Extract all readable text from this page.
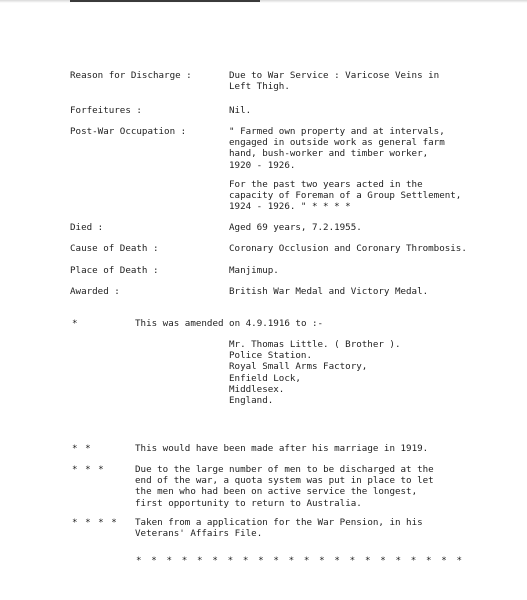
Reason for Discharge :	Due to War Service : Varicose Veins in
Left Thigh.
Forfeitures :	Nil.
Post-War Occupation :	" Farmed own property and at intervals,
engaged in outside work as general farm
hand, bush-worker and timber worker,
1920 - 1926.
For the past two years acted in the
capacity of Foreman of a Group Settlement,
1924 - 1926. " * * * *
Died :	Aged 69 years, 7.2.1955.
Cause of Death :	Coronary Occlusion and Coronary Thrombosis.
Place of Death :	Manjimup.
Awarded :	British War Medal and Victory Medal.
*	This was amended on 4.9.1916 to :-
Mr. Thomas Little. ( Brother ).
Police Station.
Royal Small Arms Factory,
Enfield Lock,
Middlesex.
England.
* *	This would have been made after his marriage in 1919.
* * *	Due to the large number of men to be discharged at the
end of the war, a quota system was put in place to let
the men who had been on active service the longest,
first opportunity to return to Australia.
* * * * Taken from a application for the War Pension, in his
Veterans' Affairs File.
* * * * * * * * * * * * * * * * * * * * * *
